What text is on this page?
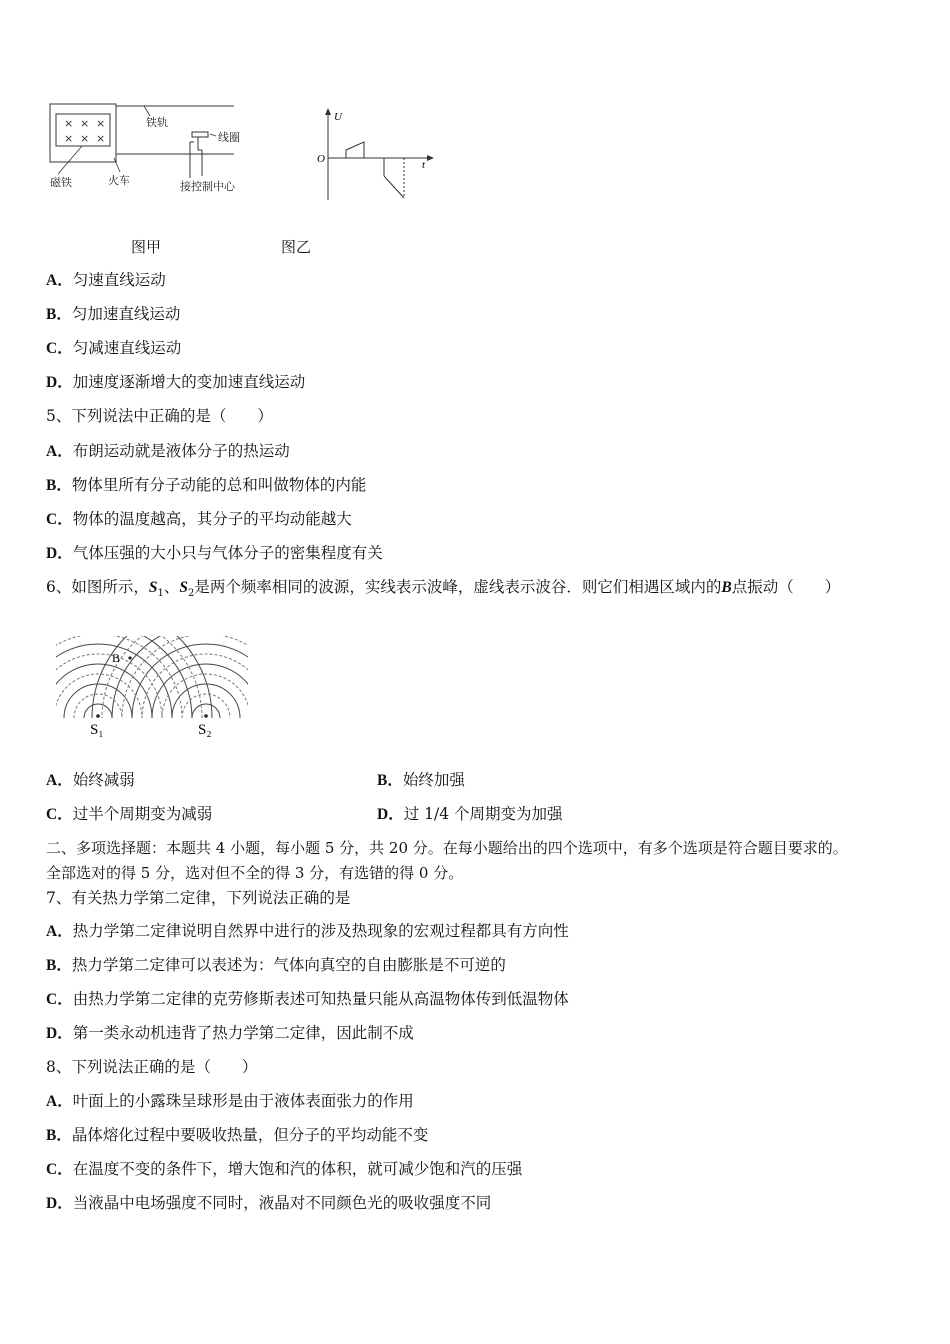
× × ×
× × ×
铁轨
线圈
磁铁	火车	接控制中心
U
O	t
图甲	图乙
A．匀速直线运动
B．匀加速直线运动
C．匀减速直线运动
D．加速度逐渐增大的变加速直线运动
5、下列说法中正确的是（　　）
A．布朗运动就是液体分子的热运动
B．物体里所有分子动能的总和叫做物体的内能
C．物体的温度越高，其分子的平均动能越大
D．气体压强的大小只与气体分子的密集程度有关
6、如图所示，$S_1$、$S_2$是两个频率相同的波源，实线表示波峰，虚线表示波谷．则它们相遇区域内的B点振动（　　）
B
S₁	S₂
A．始终减弱	B．始终加强
C．过半个周期变为减弱	D．过 1/4 个周期变为加强
二、多项选择题：本题共 4 小题，每小题 5 分，共 20 分。在每小题给出的四个选项中，有多个选项是符合题目要求的。
全部选对的得 5 分，选对但不全的得 3 分，有选错的得 0 分。
7、有关热力学第二定律，下列说法正确的是
A．热力学第二定律说明自然界中进行的涉及热现象的宏观过程都具有方向性
B．热力学第二定律可以表述为：气体向真空的自由膨胀是不可逆的
C．由热力学第二定律的克劳修斯表述可知热量只能从高温物体传到低温物体
D．第一类永动机违背了热力学第二定律，因此制不成
8、下列说法正确的是（　　）
A．叶面上的小露珠呈球形是由于液体表面张力的作用
B．晶体熔化过程中要吸收热量，但分子的平均动能不变
C．在温度不变的条件下，增大饱和汽的体积，就可减少饱和汽的压强
D．当液晶中电场强度不同时，液晶对不同颜色光的吸收强度不同
